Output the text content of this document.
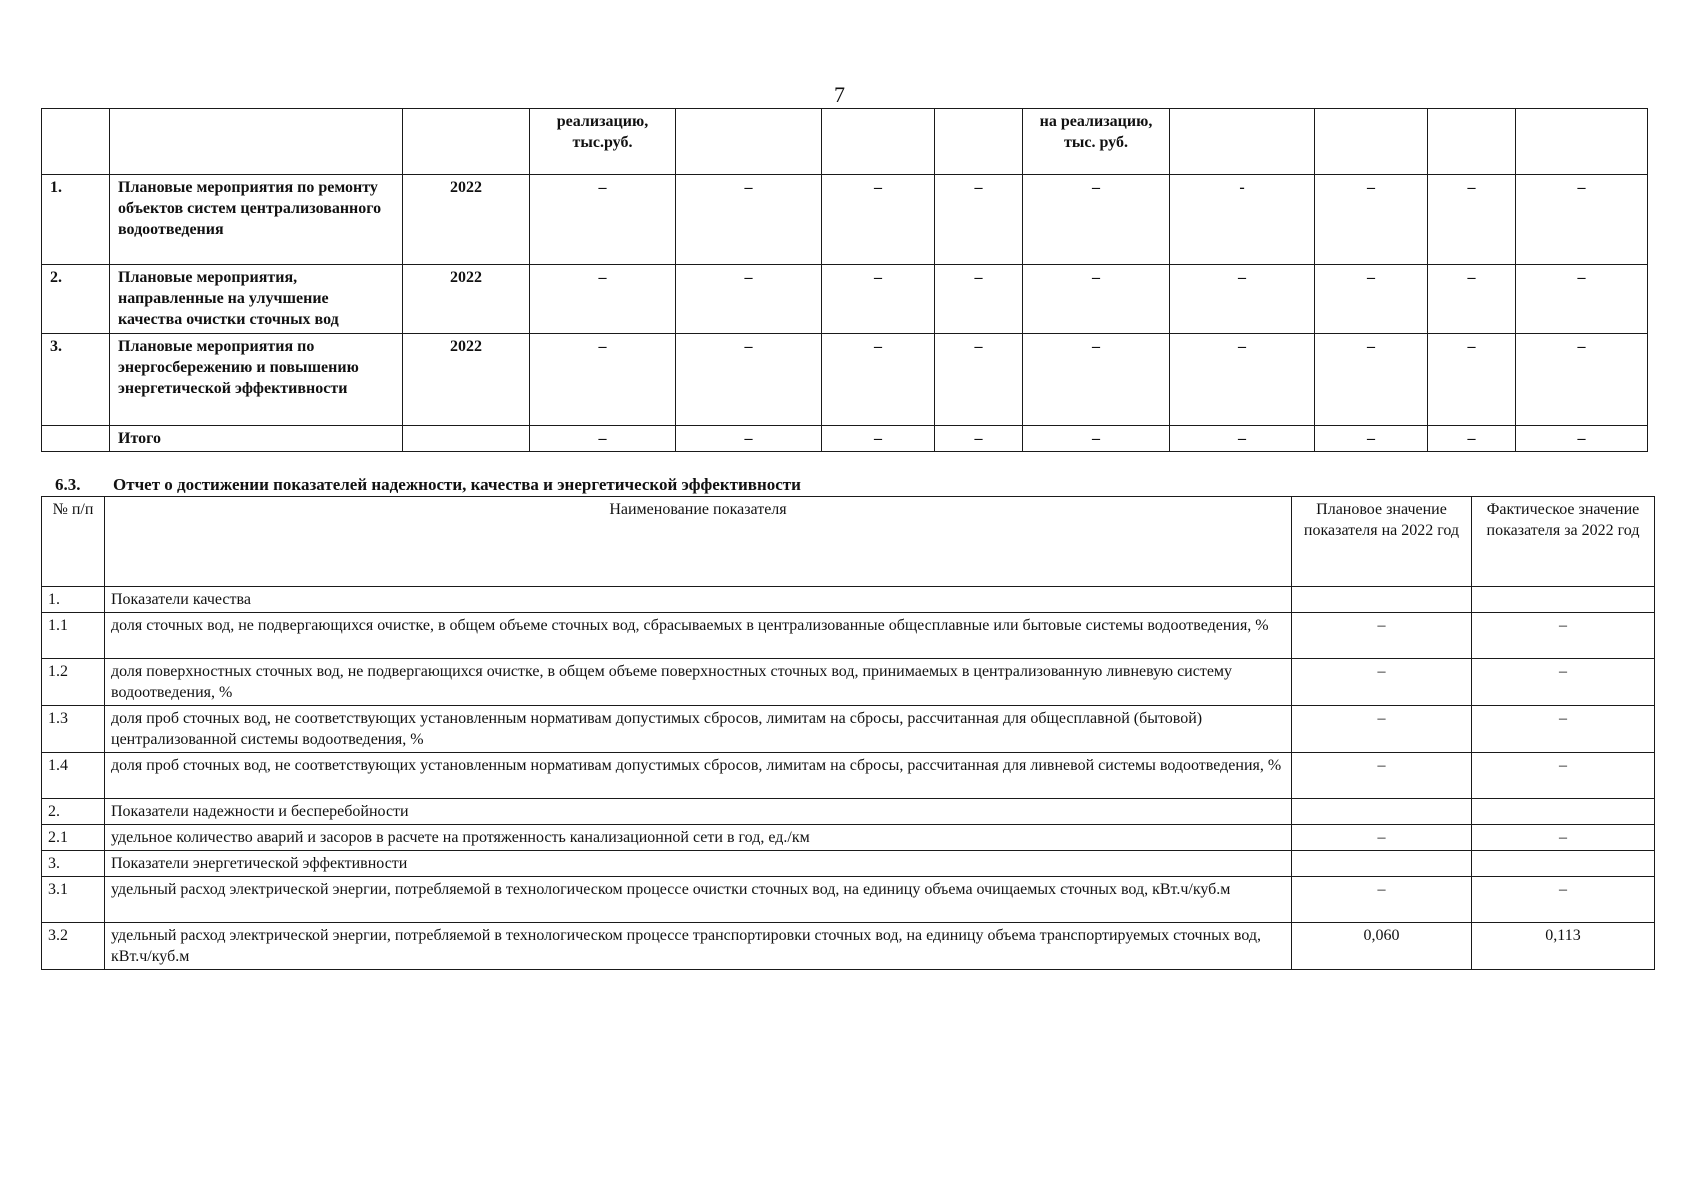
7
			реализацию, тыс.руб.				на реализацию, тыс. руб.				
1.	Плановые мероприятия по ремонту объектов систем централизованного водоотведения	2022	–	–	–	–	–	-	–	–	–
2.	Плановые мероприятия, направленные на улучшение качества очистки сточных вод	2022	–	–	–	–	–	–	–	–	–
3.	Плановые мероприятия по энергосбережению и повышению энергетической эффективности	2022	–	–	–	–	–	–	–	–	–
	Итого		–	–	–	–	–	–	–	–	–
6.3. Отчет о достижении показателей надежности, качества и энергетической эффективности
№ п/п	Наименование показателя	Плановое значение показателя на 2022 год	Фактическое значение показателя за 2022 год
1.	Показатели качества		
1.1	доля сточных вод, не подвергающихся очистке, в общем объеме сточных вод, сбрасываемых в централизованные общесплавные или бытовые системы водоотведения, %	–	–
1.2	доля поверхностных сточных вод, не подвергающихся очистке, в общем объеме поверхностных сточных вод, принимаемых в централизованную ливневую систему водоотведения, %	–	–
1.3	доля проб сточных вод, не соответствующих установленным нормативам допустимых сбросов, лимитам на сбросы, рассчитанная для общесплавной (бытовой) централизованной системы водоотведения, %	–	–
1.4	доля проб сточных вод, не соответствующих установленным нормативам допустимых сбросов, лимитам на сбросы, рассчитанная для ливневой системы водоотведения, %	–	–
2.	Показатели надежности и бесперебойности		
2.1	удельное количество аварий и засоров в расчете на протяженность канализационной сети в год, ед./км	–	–
3.	Показатели энергетической эффективности		
3.1	удельный расход электрической энергии, потребляемой в технологическом процессе очистки сточных вод, на единицу объема очищаемых сточных вод, кВт.ч/куб.м	–	–
3.2	удельный расход электрической энергии, потребляемой в технологическом процессе транспортировки сточных вод, на единицу объема транспортируемых сточных вод, кВт.ч/куб.м	0,060	0,113
